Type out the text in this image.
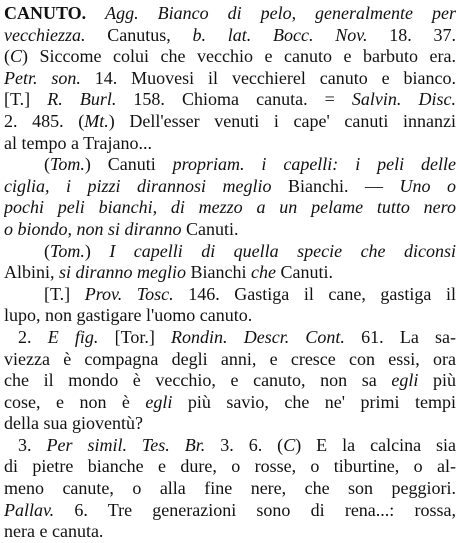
CANUTO. Agg. Bianco di pelo, generalmente per
vecchiezza. Canutus, b. lat. Bocc. Nov. 18. 37.
(C) Siccome colui che vecchio e canuto e barbuto era.
Petr. son. 14. Muovesi il vecchierel canuto e bianco.
[T.] R. Burl. 158. Chioma canuta. = Salvin. Disc.
2. 485. (Mt.) Dell'esser venuti i cape' canuti innanzi
al tempo a Trajano...
(Tom.) Canuti propriam. i capelli: i peli delle
ciglia, i pizzi dirannosi meglio Bianchi. — Uno o
pochi peli bianchi, di mezzo a un pelame tutto nero
o biondo, non si diranno Canuti.
(Tom.) I capelli di quella specie che diconsi
Albini, si diranno meglio Bianchi che Canuti.
[T.] Prov. Tosc. 146. Gastiga il cane, gastiga il
lupo, non gastigare l'uomo canuto.
2. E fig. [Tor.] Rondin. Descr. Cont. 61. La sa-
viezza è compagna degli anni, e cresce con essi, ora
che il mondo è vecchio, e canuto, non sa egli più
cose, e non è egli più savio, che ne' primi tempi
della sua gioventù?
3. Per simil. Tes. Br. 3. 6. (C) E la calcina sia
di pietre bianche e dure, o rosse, o tiburtine, o al-
meno canute, o alla fine nere, che son peggiori.
Pallav. 6. Tre generazioni sono di rena...: rossa,
nera e canuta.
